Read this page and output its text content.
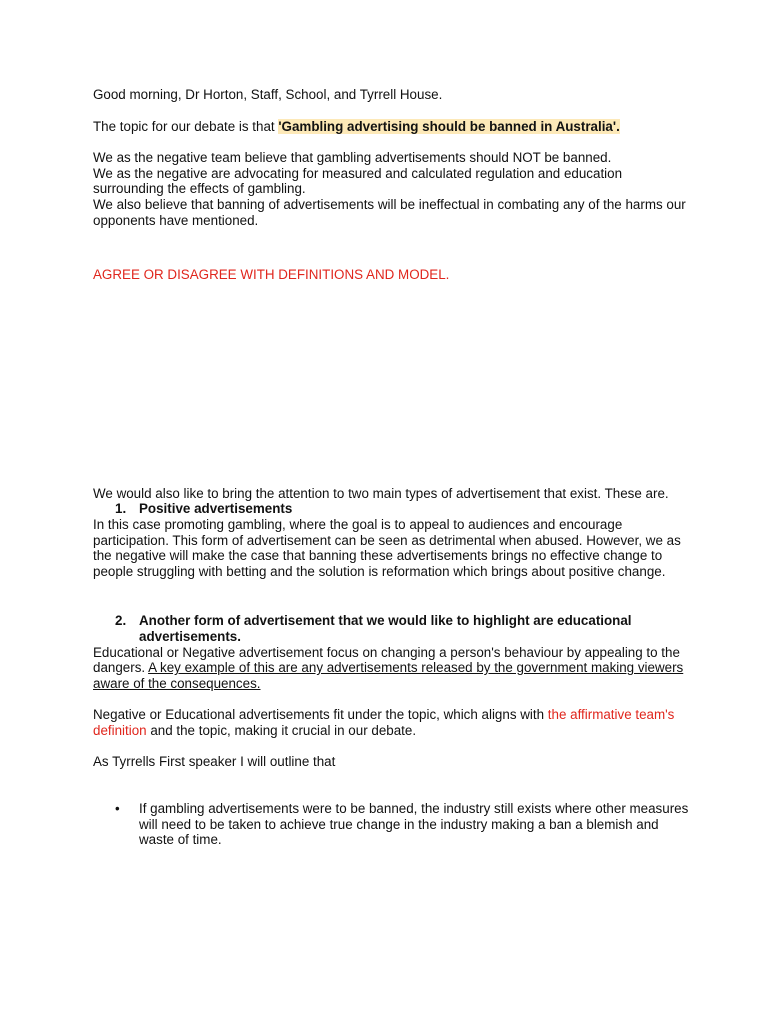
Good morning, Dr Horton, Staff, School, and Tyrrell House.

The topic for our debate is that 'Gambling advertising should be banned in Australia'.

We as the negative team believe that gambling advertisements should NOT be banned.

We as the negative are advocating for measured and calculated regulation and education surrounding the effects of gambling.

We also believe that banning of advertisements will be ineffectual in combating any of the harms our opponents have mentioned.

AGREE OR DISAGREE WITH DEFINITIONS AND MODEL.

We would also like to bring the attention to two main types of advertisement that exist. These are.

1. Positive advertisements

In this case promoting gambling, where the goal is to appeal to audiences and encourage participation. This form of advertisement can be seen as detrimental when abused. However, we as the negative will make the case that banning these advertisements brings no effective change to people struggling with betting and the solution is reformation which brings about positive change.

2. Another form of advertisement that we would like to highlight are educational advertisements.

Educational or Negative advertisement focus on changing a person's behaviour by appealing to the dangers. A key example of this are any advertisements released by the government making viewers aware of the consequences.

Negative or Educational advertisements fit under the topic, which aligns with the affirmative team's definition and the topic, making it crucial in our debate.

As Tyrrells First speaker I will outline that

• If gambling advertisements were to be banned, the industry still exists where other measures will need to be taken to achieve true change in the industry making a ban a blemish and waste of time.
